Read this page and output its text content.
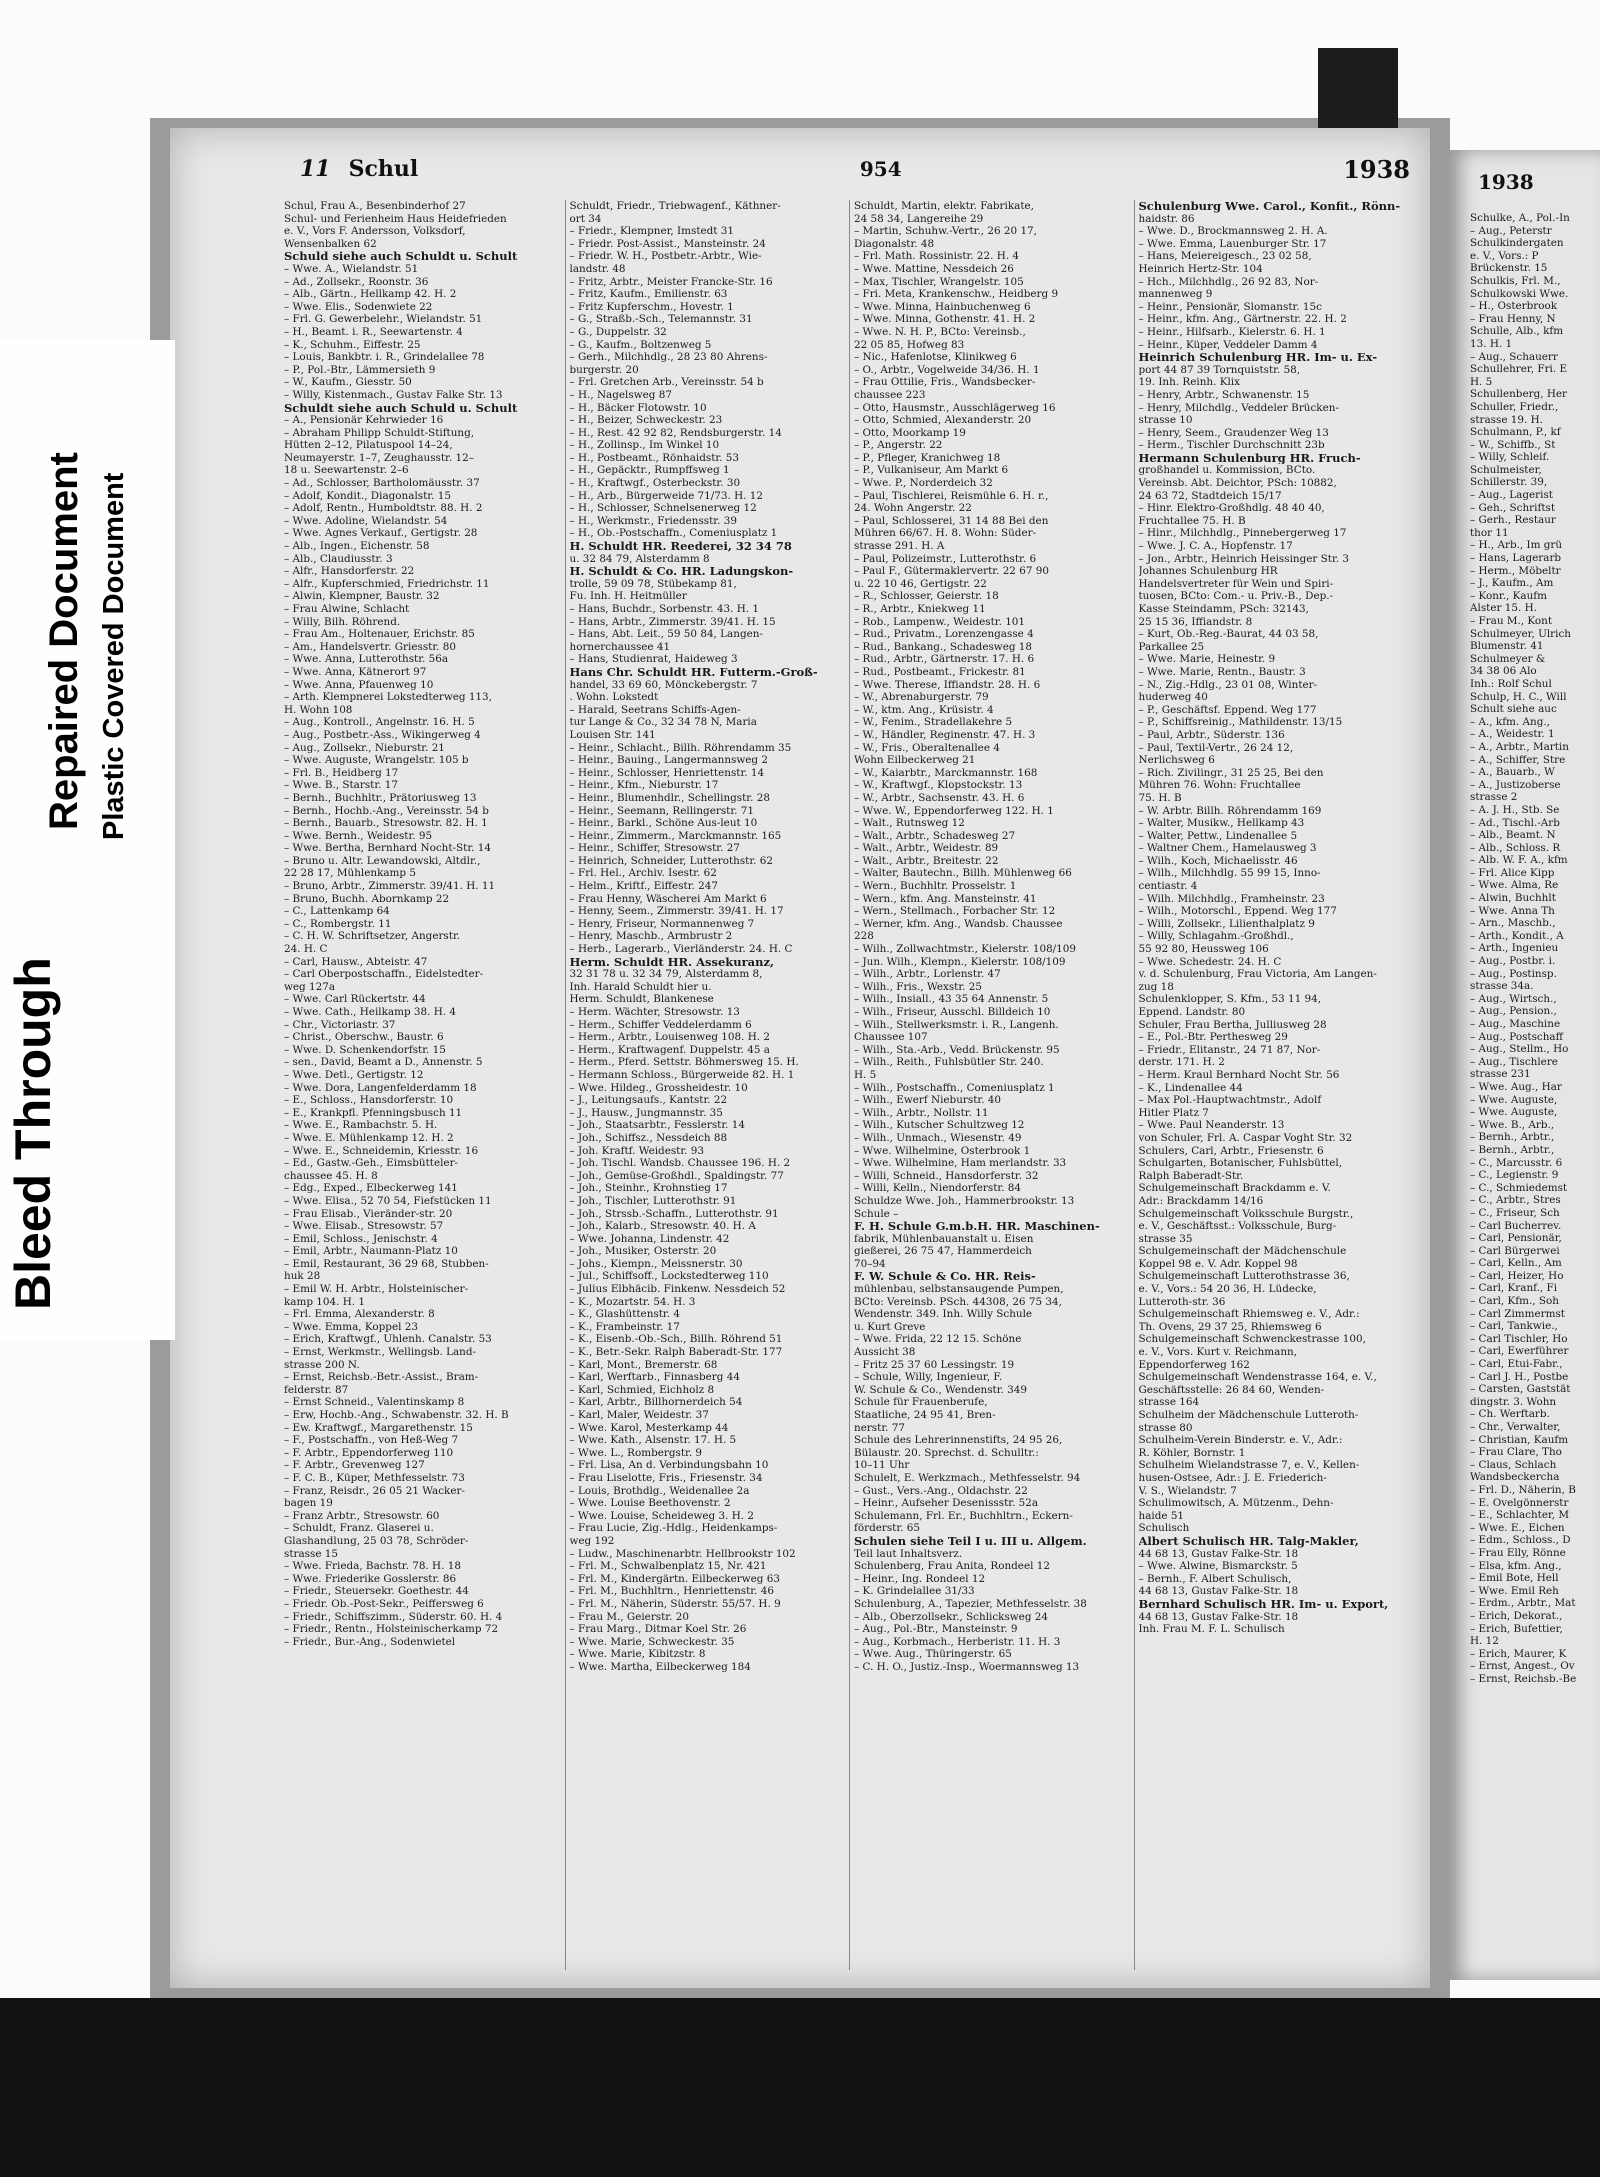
11 Schul	954	1938
Schul, Frau A., Besenbinderhof 27
Schul- und Ferienheim Haus Heidefrieden
e. V., Vors F. Andersson, Volksdorf,
Wensenbalken 62
Schuld siehe auch Schuldt u. Schult
– Wwe. A., Wielandstr. 51
– Ad., Zollsekr., Roonstr. 36
– Alb., Gärtn., Hellkamp 42. H. 2
– Wwe. Elis., Sodenwiete 22
– Frl. G. Gewerbelehr., Wielandstr. 51
– H., Beamt. i. R., Seewartenstr. 4
– K., Schuhm., Eiffestr. 25
– Louis, Bankbtr. i. R., Grindelallee 78
– P., Pol.-Btr., Lämmersieth 9
– W., Kaufm., Giesstr. 50
– Willy, Kistenmach., Gustav Falke Str. 13
Schuldt siehe auch Schuld u. Schult
– A., Pensionär Kehrwieder 16
– Abraham Philipp Schuldt-Stiftung,
Hütten 2–12, Pilatuspool 14–24,
Neumayerstr. 1–7, Zeughausstr. 12–
18 u. Seewartenstr. 2–6
– Ad., Schlosser, Bartholomäusstr. 37
– Adolf, Kondit., Diagonalstr. 15
– Adolf, Rentn., Humboldtstr. 88. H. 2
– Wwe. Adoline, Wielandstr. 54
– Wwe. Agnes Verkauf., Gertigstr. 28
– Alb., Ingen., Eichenstr. 58
– Alb., Claudiusstr. 3
– Alfr., Hansdorferstr. 22
– Alfr., Kupferschmied, Friedrichstr. 11
– Alwin, Klempner, Baustr. 32
– Frau Alwine, Schlacht
– Willy, Bilh. Röhrend.
– Frau Am., Holtenauer, Erichstr. 85
– Am., Handelsvertr. Griesstr. 80
– Wwe. Anna, Lutterothstr. 56a
– Wwe. Anna, Kätnerort 97
– Wwe. Anna, Pfauenweg 10
– Arth. Klempnerei Lokstedterweg 113,
H. Wohn 108
– Aug., Kontroll., Angelnstr. 16. H. 5
– Aug., Postbetr.-Ass., Wikingerweg 4
– Aug., Zollsekr., Nieburstr. 21
– Wwe. Auguste, Wrangelstr. 105 b
– Frl. B., Heidberg 17
– Wwe. B., Starstr. 17
– Bernh., Buchhltr., Prätoriusweg 13
– Bernh., Hochb.-Ang., Vereinsstr. 54 b
– Bernh., Bauarb., Stresowstr. 82. H. 1
– Wwe. Bernh., Weidestr. 95
– Wwe. Bertha, Bernhard Nocht-Str. 14
– Bruno u. Altr. Lewandowski, Altdlr.,
22 28 17, Mühlenkamp 5
– Bruno, Arbtr., Zimmerstr. 39/41. H. 11
– Bruno, Buchh. Abornkamp 22
– C., Lattenkamp 64
– C., Rombergstr. 11
– C. H. W. Schriftsetzer, Angerstr.
24. H. C
– Carl, Hausw., Abteistr. 47
– Carl Oberpostschaffn., Eidelstedter-
weg 127a
– Wwe. Carl Rückertstr. 44
– Wwe. Cath., Heilkamp 38. H. 4
– Chr., Victoriastr. 37
– Christ., Oberschw., Baustr. 6
– Wwe. D. Schenkendorfstr. 15
– sen., David, Beamt a D., Annenstr. 5
– Wwe. Detl., Gertigstr. 12
– Wwe. Dora, Langenfelderdamm 18
– E., Schloss., Hansdorferstr. 10
– E., Krankpfl. Pfenningsbusch 11
– Wwe. E., Rambachstr. 5. H.
– Wwe. E. Mühlenkamp 12. H. 2
– Wwe. E., Schneidemin, Kriesstr. 16
– Ed., Gastw.-Geh., Eimsbütteler-
chaussee 45. H. 8
– Edg., Exped., Elbeckerweg 141
– Wwe. Elisa., 52 70 54, Fiefstücken 11
– Frau Elisab., Vieränder-str. 20
– Wwe. Elisab., Stresowstr. 57
– Emil, Schloss., Jenischstr. 4
– Emil, Arbtr., Naumann-Platz 10
– Emil, Restaurant, 36 29 68, Stubben-
huk 28
– Emil W. H. Arbtr., Holsteinischer-
kamp 104. H. 1
– Frl. Emma, Alexanderstr. 8
– Wwe. Emma, Koppel 23
– Erich, Kraftwgf., Uhlenh. Canalstr. 53
– Ernst, Werkmstr., Wellingsb. Land-
strasse 200 N.
– Ernst, Reichsb.-Betr.-Assist., Bram-
felderstr. 87
– Ernst Schneid., Valentinskamp 8
– Erw, Hochb.-Ang., Schwabenstr. 32. H. B
– Ew. Kraftwgf., Margarethenstr. 15
– F., Postschaffn., von Heß-Weg 7
– F. Arbtr., Eppendorferweg 110
– F. Arbtr., Grevenweg 127
– F. C. B., Küper, Methfesselstr. 73
– Franz, Reisdr., 26 05 21 Wacker-
bagen 19
– Franz Arbtr., Stresowstr. 60
– Schuldt, Franz. Glaserei u.
Glashandlung, 25 03 78, Schröder-
strasse 15
– Wwe. Frieda, Bachstr. 78. H. 18
– Wwe. Friederike Gosslerstr. 86
– Friedr., Steuersekr. Goethestr. 44
– Friedr. Ob.-Post-Sekr., Peiffersweg 6
– Friedr., Schiffszimm., Süderstr. 60. H. 4
– Friedr., Rentn., Holsteinischerkamp 72
– Friedr., Bur.-Ang., Sodenwietel
Schuldt, Friedr., Triebwagenf., Käthner-
ort 34
– Friedr., Klempner, Imstedt 31
– Friedr. Post-Assist., Mansteinstr. 24
– Friedr. W. H., Postbetr.-Arbtr., Wie-
landstr. 48
– Fritz, Arbtr., Meister Francke-Str. 16
– Fritz, Kaufm., Emilienstr. 63
– Fritz Kupferschm., Hovestr. 1
– G., Straßb.-Sch., Telemannstr. 31
– G., Duppelstr. 32
– G., Kaufm., Boltzenweg 5
– Gerh., Milchhdlg., 28 23 80 Ahrens-
burgerstr. 20
– Frl. Gretchen Arb., Vereinsstr. 54 b
– H., Nagelsweg 87
– H., Bäcker Flotowstr. 10
– H., Beizer, Schweckestr. 23
– H., Rest. 42 92 82, Rendsburgerstr. 14
– H., Zollinsp., Im Winkel 10
– H., Postbeamt., Rönhaidstr. 53
– H., Gepäcktr., Rumpffsweg 1
– H., Kraftwgf., Osterbeckstr. 30
– H., Arb., Bürgerweide 71/73. H. 12
– H., Schlosser, Schnelsenerweg 12
– H., Werkmstr., Friedensstr. 39
– H., Ob.-Postschaffn., Comeniusplatz 1
H. Schuldt HR. Reederei, 32 34 78
u. 32 84 79, Alsterdamm 8
H. Schuldt & Co. HR. Ladungskon-
trolle, 59 09 78, Stübekamp 81,
Fu. Inh. H. Heitmüller
– Hans, Buchdr., Sorbenstr. 43. H. 1
– Hans, Arbtr., Zimmerstr. 39/41. H. 15
– Hans, Abt. Leit., 59 50 84, Langen-
hornerchaussee 41
– Hans, Studienrat, Haideweg 3
Hans Chr. Schuldt HR. Futterm.-Groß-
handel, 33 69 60, Mönckebergstr. 7
. Wohn. Lokstedt
– Harald, Seetrans Schiffs-Agen-
tur Lange & Co., 32 34 78 N, Maria
Louisen Str. 141
– Heinr., Schlacht., Billh. Röhrendamm 35
– Heinr., Bauing., Langermannsweg 2
– Heinr., Schlosser, Henriettenstr. 14
– Heinr., Kfm., Nieburstr. 17
– Heinr., Blumenhdlr., Schellingstr. 28
– Heinr., Seemann, Rellingerstr. 71
– Heinr., Barkl., Schöne Aus-leut 10
– Heinr., Zimmerm., Marckmannstr. 165
– Heinr., Schiffer, Stresowstr. 27
– Heinrich, Schneider, Lutterothstr. 62
– Frl. Hel., Archiv. Isestr. 62
– Helm., Kriftf., Eiffestr. 247
– Frau Henny, Wäscherei Am Markt 6
– Henny, Seem., Zimmerstr. 39/41. H. 17
– Henry, Friseur, Normannenweg 7
– Henry, Maschb., Armbrustr 2
– Herb., Lagerarb., Vierländerstr. 24. H. C
Herm. Schuldt HR. Assekuranz,
32 31 78 u. 32 34 79, Alsterdamm 8,
Inh. Harald Schuldt hier u.
Herm. Schuldt, Blankenese
– Herm. Wächter, Stresowstr. 13
– Herm., Schiffer Veddelerdamm 6
– Herm., Arbtr., Louisenweg 108. H. 2
– Herm., Kraftwagenf. Duppelstr. 45 a
– Herm., Pferd. Settstr. Böhmersweg 15. H.
– Hermann Schloss., Bürgerweide 82. H. 1
– Wwe. Hildeg., Grossheidestr. 10
– J., Leitungsaufs., Kantstr. 22
– J., Hausw., Jungmannstr. 35
– Joh., Staatsarbtr., Fesslerstr. 14
– Joh., Schiffsz., Nessdeich 88
– Joh. Kraftf. Weidestr. 93
– Joh. Tischl. Wandsb. Chaussee 196. H. 2
– Joh., Gemüse-Großhdl., Spaldingstr. 77
– Joh., Steinhr., Krohnstieg 17
– Joh., Tischler, Lutterothstr. 91
– Joh., Strssb.-Schaffn., Lutterothstr. 91
– Joh., Kalarb., Stresowstr. 40. H. A
– Wwe. Johanna, Lindenstr. 42
– Joh., Musiker, Osterstr. 20
– Johs., Kiempn., Meissnerstr. 30
– Jul., Schiffsoff., Lockstedterweg 110
– Julius Elbhäcib. Finkenw. Nessdeich 52
– K., Mozartstr. 54. H. 3
– K., Glashüttenstr. 4
– K., Frambeinstr. 17
– K., Eisenb.-Ob.-Sch., Billh. Röhrend 51
– K., Betr.-Sekr. Ralph Baberadt-Str. 177
– Karl, Mont., Bremerstr. 68
– Karl, Werftarb., Finnasberg 44
– Karl, Schmied, Eichholz 8
– Karl, Arbtr., Billhornerdeich 54
– Karl, Maler, Weidestr. 37
– Wwe. Karol, Mesterkamp 44
– Wwe. Kath., Alsenstr. 17. H. 5
– Wwe. L., Rombergstr. 9
– Frl. Lisa, An d. Verbindungsbahn 10
– Frau Liselotte, Fris., Friesenstr. 34
– Louis, Brothdlg., Weidenallee 2a
– Wwe. Louise Beethovenstr. 2
– Wwe. Louise, Scheideweg 3. H. 2
– Frau Lucie, Zig.-Hdlg., Heidenkamps-
weg 192
– Ludw., Maschinenarbtr. Hellbrookstr 102
– Frl. M., Schwalbenplatz 15, Nr. 421
– Frl. M., Kindergärtn. Eilbeckerweg 63
– Frl. M., Buchhltrn., Henriettenstr. 46
– Frl. M., Näherin, Süderstr. 55/57. H. 9
– Frau M., Geierstr. 20
– Frau Marg., Ditmar Koel Str. 26
– Wwe. Marie, Schweckestr. 35
– Wwe. Marie, Kibitzstr. 8
– Wwe. Martha, Eilbeckerweg 184
Schuldt, Martin, elektr. Fabrikate,
24 58 34, Langereihe 29
– Martin, Schuhw.-Vertr., 26 20 17,
Diagonalstr. 48
– Frl. Math. Rossinistr. 22. H. 4
– Wwe. Mattine, Nessdeich 26
– Max, Tischler, Wrangelstr. 105
– Fri. Meta, Krankenschw., Heidberg 9
– Wwe. Minna, Hainbuchenweg 6
– Wwe. Minna, Gothenstr. 41. H. 2
– Wwe. N. H. P., BCto: Vereinsb.,
22 05 85, Hofweg 83
– Nic., Hafenlotse, Klinikweg 6
– O., Arbtr., Vogelweide 34/36. H. 1
– Frau Ottilie, Fris., Wandsbecker-
chaussee 223
– Otto, Hausmstr., Ausschlägerweg 16
– Otto, Schmied, Alexanderstr. 20
– Otto, Moorkamp 19
– P., Angerstr. 22
– P., Pfleger, Kranichweg 18
– P., Vulkaniseur, Am Markt 6
– Wwe. P., Norderdeich 32
– Paul, Tischlerei, Reismühle 6. H. r.,
24. Wohn Angerstr. 22
– Paul, Schlosserei, 31 14 88 Bei den
Mühren 66/67. H. 8. Wohn: Süder-
strasse 291. H. A
– Paul, Polizeimstr., Lutterothstr. 6
– Paul F., Gütermaklervertr. 22 67 90
u. 22 10 46, Gertigstr. 22
– R., Schlosser, Geierstr. 18
– R., Arbtr., Kniekweg 11
– Rob., Lampenw., Weidestr. 101
– Rud., Privatm., Lorenzengasse 4
– Rud., Bankang., Schadesweg 18
– Rud., Arbtr., Gärtnerstr. 17. H. 6
– Rud., Postbeamt., Frickestr. 81
– Wwe. Therese, Iffiandstr. 28. H. 6
– W., Abrenaburgerstr. 79
– W., ktm. Ang., Krüsistr. 4
– W., Fenim., Stradellakehre 5
– W., Händler, Reginenstr. 47. H. 3
– W., Fris., Oberaltenallee 4
Wohn Eilbeckerweg 21
– W., Kaiarbtr., Marckmannstr. 168
– W., Kraftwgf., Klopstockstr. 13
– W., Arbtr., Sachsenstr. 43. H. 6
– Wwe. W., Eppendorferweg 122. H. 1
– Walt., Rutnsweg 12
– Walt., Arbtr., Schadesweg 27
– Walt., Arbtr., Weidestr. 89
– Walt., Arbtr., Breitestr. 22
– Walter, Bautechn., Billh. Mühlenweg 66
– Wern., Buchhltr. Prosselstr. 1
– Wern., kfm. Ang. Mansteinstr. 41
– Wern., Stellmach., Forbacher Str. 12
– Werner, kfm. Ang., Wandsb. Chaussee
228
– Wilh., Zollwachtmstr., Kielerstr. 108/109
– Jun. Wilh., Klempn., Kielerstr. 108/109
– Wilh., Arbtr., Lorlenstr. 47
– Wilh., Fris., Wexstr. 25
– Wilh., Insiall., 43 35 64 Annenstr. 5
– Wilh., Friseur, Ausschl. Billdeich 10
– Wilh., Stellwerksmstr. i. R., Langenh.
Chaussee 107
– Wilh., Sta.-Arb., Vedd. Brückenstr. 95
– Wilh., Reith., Fuhlsbütler Str. 240.
H. 5
– Wilh., Postschaffn., Comeniusplatz 1
– Wilh., Ewerf Nieburstr. 40
– Wilh., Arbtr., Nollstr. 11
– Wilh., Kutscher Schultzweg 12
– Wilh., Unmach., Wiesenstr. 49
– Wwe. Wilhelmine, Osterbrook 1
– Wwe. Wilhelmine, Ham merlandstr. 33
– Willi, Schneid., Hansdorferstr. 32
– Willi, Kelln., Niendorferstr. 84
Schuldze Wwe. Joh., Hammerbrookstr. 13
Schule –
F. H. Schule G.m.b.H. HR. Maschinen-
fabrik, Mühlenbauanstalt u. Eisen
gießerei, 26 75 47, Hammerdeich
70–94
F. W. Schule & Co. HR. Reis-
mühlenbau, selbstansaugende Pumpen,
BCto: Vereinsb. PSch. 44308, 26 75 34,
Wendenstr. 349. Inh. Willy Schule
u. Kurt Greve
– Wwe. Frida, 22 12 15. Schöne
Aussicht 38
– Fritz 25 37 60 Lessingstr. 19
– Schule, Willy, Ingenieur, F.
W. Schule & Co., Wendenstr. 349
Schule für Frauenberufe,
Staatliche, 24 95 41, Bren-
nerstr. 77
Schule des Lehrerinnenstifts, 24 95 26,
Bülaustr. 20. Sprechst. d. Schulltr.:
10–11 Uhr
Schulelt, E. Werkzmach., Methfesselstr. 94
– Gust., Vers.-Ang., Oldachstr. 22
– Heinr., Aufseher Desenissstr. 52a
Schulemann, Frl. Er., Buchhltrn., Eckern-
förderstr. 65
Schulen siehe Teil I u. III u. Allgem.
Teil laut Inhaltsverz.
Schulenberg, Frau Anita, Rondeel 12
– Heinr., Ing. Rondeel 12
– K. Grindelallee 31/33
Schulenburg, A., Tapezier, Methfesselstr. 38
– Alb., Oberzollsekr., Schlicksweg 24
– Aug., Pol.-Btr., Mansteinstr. 9
– Aug., Korbmach., Herberistr. 11. H. 3
– Wwe. Aug., Thüringerstr. 65
– C. H. O., Justiz.-Insp., Woermannsweg 13
Schulenburg Wwe. Carol., Konfit., Rönn-
haidstr. 86
– Wwe. D., Brockmannsweg 2. H. A.
– Wwe. Emma, Lauenburger Str. 17
– Hans, Meiereigesch., 23 02 58,
Heinrich Hertz-Str. 104
– Hch., Milchhdlg., 26 92 83, Nor-
mannenweg 9
– Heinr., Pensionär, Slomanstr. 15c
– Heinr., kfm. Ang., Gärtnerstr. 22. H. 2
– Heinr., Hilfsarb., Kielerstr. 6. H. 1
– Heinr., Küper, Veddeler Damm 4
Heinrich Schulenburg HR. Im- u. Ex-
port 44 87 39 Tornquiststr. 58,
19. Inh. Reinh. Klix
– Henry, Arbtr., Schwanenstr. 15
– Henry, Milchdlg., Veddeler Brücken-
strasse 10
– Henry, Seem., Graudenzer Weg 13
– Herm., Tischler Durchschnitt 23b
Hermann Schulenburg HR. Fruch-
großhandel u. Kommission, BCto.
Vereinsb. Abt. Deichtor, PSch: 10882,
24 63 72, Stadtdeich 15/17
– Hinr. Elektro-Großhdlg. 48 40 40,
Fruchtallee 75. H. B
– Hinr., Milchhdlg., Pinnebergerweg 17
– Wwe. J. C. A., Hopfenstr. 17
– Jon., Arbtr., Heinrich Heissinger Str. 3
Johannes Schulenburg HR
Handelsvertreter für Wein und Spiri-
tuosen, BCto: Com.- u. Priv.-B., Dep.-
Kasse Steindamm, PSch: 32143,
25 15 36, Iffiandstr. 8
– Kurt, Ob.-Reg.-Baurat, 44 03 58,
Parkallee 25
– Wwe. Marie, Heinestr. 9
– Wwe. Marie, Rentn., Baustr. 3
– N., Zig.-Hdlg., 23 01 08, Winter-
huderweg 40
– P., Geschäftsf. Eppend. Weg 177
– P., Schiffsreinig., Mathildenstr. 13/15
– Paul, Arbtr., Süderstr. 136
– Paul, Textil-Vertr., 26 24 12,
Nerlichsweg 6
– Rich. Zivilingr., 31 25 25, Bei den
Mühren 76. Wohn: Fruchtallee
75. H. B
– W. Arbtr. Billh. Röhrendamm 169
– Walter, Musikw., Hellkamp 43
– Walter, Pettw., Lindenallee 5
– Waltner Chem., Hamelausweg 3
– Wilh., Koch, Michaelisstr. 46
– Wilh., Milchhdlg. 55 99 15, Inno-
centiastr. 4
– Wilh. Milchhdlg., Framheinstr. 23
– Wilh., Motorschl., Eppend. Weg 177
– Willi, Zollsekr., Lilienthalplatz 9
– Willy, Schlagahm.-Großhdl.,
55 92 80, Heussweg 106
– Wwe. Schedestr. 24. H. C
v. d. Schulenburg, Frau Victoria, Am Langen-
zug 18
Schulenklopper, S. Kfm., 53 11 94,
Eppend. Landstr. 80
Schuler, Frau Bertha, Julliusweg 28
– E., Pol.-Btr. Perthesweg 29
– Friedr., Elitanstr., 24 71 87, Nor-
derstr. 171. H. 2
– Herm. Kraul Bernhard Nocht Str. 56
– K., Lindenallee 44
– Max Pol.-Hauptwachtmstr., Adolf
Hitler Platz 7
– Wwe. Paul Neanderstr. 13
von Schuler, Frl. A. Caspar Voght Str. 32
Schulers, Carl, Arbtr., Friesenstr. 6
Schulgarten, Botanischer, Fuhlsbüttel,
Ralph Baberadt-Str.
Schulgemeinschaft Brackdamm e. V.
Adr.: Brackdamm 14/16
Schulgemeinschaft Volksschule Burgstr.,
e. V., Geschäftsst.: Volksschule, Burg-
strasse 35
Schulgemeinschaft der Mädchenschule
Koppel 98 e. V. Adr. Koppel 98
Schulgemeinschaft Lutterothstrasse 36,
e. V., Vors.: 54 20 36, H. Lüdecke,
Lutteroth-str. 36
Schulgemeinschaft Rhiemsweg e. V., Adr.:
Th. Ovens, 29 37 25, Rhiemsweg 6
Schulgemeinschaft Schwenckestrasse 100,
e. V., Vors. Kurt v. Reichmann,
Eppendorferweg 162
Schulgemeinschaft Wendenstrasse 164, e. V.,
Geschäftsstelle: 26 84 60, Wenden-
strasse 164
Schulheim der Mädchenschule Lutteroth-
strasse 80
Schulheim-Verein Binderstr. e. V., Adr.:
R. Köhler, Bornstr. 1
Schulheim Wielandstrasse 7, e. V., Kellen-
husen-Ostsee, Adr.: J. E. Friederich-
V. S., Wielandstr. 7
Schulimowitsch, A. Mützenm., Dehn-
haide 51
Schulisch
Albert Schulisch HR. Talg-Makler,
44 68 13, Gustav Falke-Str. 18
– Wwe. Alwine, Bismarckstr. 5
– Bernh., F. Albert Schulisch,
44 68 13, Gustav Falke-Str. 18
Bernhard Schulisch HR. Im- u. Export,
44 68 13, Gustav Falke-Str. 18
Inh. Frau M. F. L. Schulisch
1938
Schulke, A., Pol.-In
– Aug., Peterstr
Schulkindergaten
e. V., Vors.: P
Brückenstr. 15
Schulkis, Frl. M.,
Schulkowski Wwe.
– H., Osterbrook
– Frau Henny, N
Schulle, Alb., kfm
13. H. 1
– Aug., Schauerr
Schullehrer, Fri. E
H. 5
Schullenberg, Her
Schuller, Friedr.,
strasse 19. H.
Schulmann, P., kf
– W., Schiffb., St
– Willy, Schleif.
Schulmeister,
Schillerstr. 39,
– Aug., Lagerist
– Geh., Schriftst
– Gerh., Restaur
thor 11
– H., Arb., Im grü
– Hans, Lagerarb
– Herm., Möbeltr
– J., Kaufm., Am
– Konr., Kaufm
Alster 15. H.
– Frau M., Kont
Schulmeyer, Ulrich
Blumenstr. 41
Schulmeyer &
34 38 06 Alo
Inh.: Rolf Schul
Schulp, H. C., Will
Schult siehe auc
– A., kfm. Ang.,
– A., Weidestr. 1
– A., Arbtr., Martin
– A., Schiffer, Stre
– A., Bauarb., W
– A., Justizoberse
strasse 2
– A. J. H., Stb. Se
– Ad., Tischl.-Arb
– Alb., Beamt. N
– Alb., Schloss. R
– Alb. W. F. A., kfm
– Frl. Alice Kipp
– Wwe. Alma, Re
– Alwin, Buchhlt
– Wwe. Anna Th
– Arn., Maschb.,
– Arth., Kondit., A
– Arth., Ingenieu
– Aug., Postbr. i.
– Aug., Postinsp.
strasse 34a.
– Aug., Wirtsch.,
– Aug., Pension.,
– Aug., Maschine
– Aug., Postschaff
– Aug., Stellm., Ho
– Aug., Tischlere
strasse 231
– Wwe. Aug., Har
– Wwe. Auguste,
– Wwe. Auguste,
– Wwe. B., Arb.,
– Bernh., Arbtr.,
– Bernh., Arbtr.,
– C., Marcusstr. 6
– C., Legienstr. 9
– C., Schmiedemst
– C., Arbtr., Stres
– C., Friseur, Sch
– Carl Bucherrev.
– Carl, Pensionär,
– Carl Bürgerwei
– Carl, Kelln., Am
– Carl, Heizer, Ho
– Carl, Kranf., Fi
– Carl, Kfm., Soh
– Carl Zimmermst
– Carl, Tankwie.,
– Carl Tischler, Ho
– Carl, Ewerführer
– Carl, Etui-Fabr.,
– Carl J. H., Postbe
– Carsten, Gaststät
dingstr. 3. Wohn
– Ch. Werftarb.
– Chr., Verwalter,
– Christian, Kaufm
– Frau Clare, Tho
– Claus, Schlach
Wandsbeckercha
– Frl. D., Näherin, B
– E. Ovelgönnerstr
– E., Schlachter, M
– Wwe. E., Eichen
– Edm., Schloss., D
– Frau Elly, Rönne
– Elsa, kfm. Ang.,
– Emil Bote, Hell
– Wwe. Emil Reh
– Erdm., Arbtr., Mat
– Erich, Dekorat.,
– Erich, Bufettier,
H. 12
– Erich, Maurer, K
– Ernst, Angest., Ov
– Ernst, Reichsb.-Be
Bleed Through
Repaired Document Plastic Covered Document
